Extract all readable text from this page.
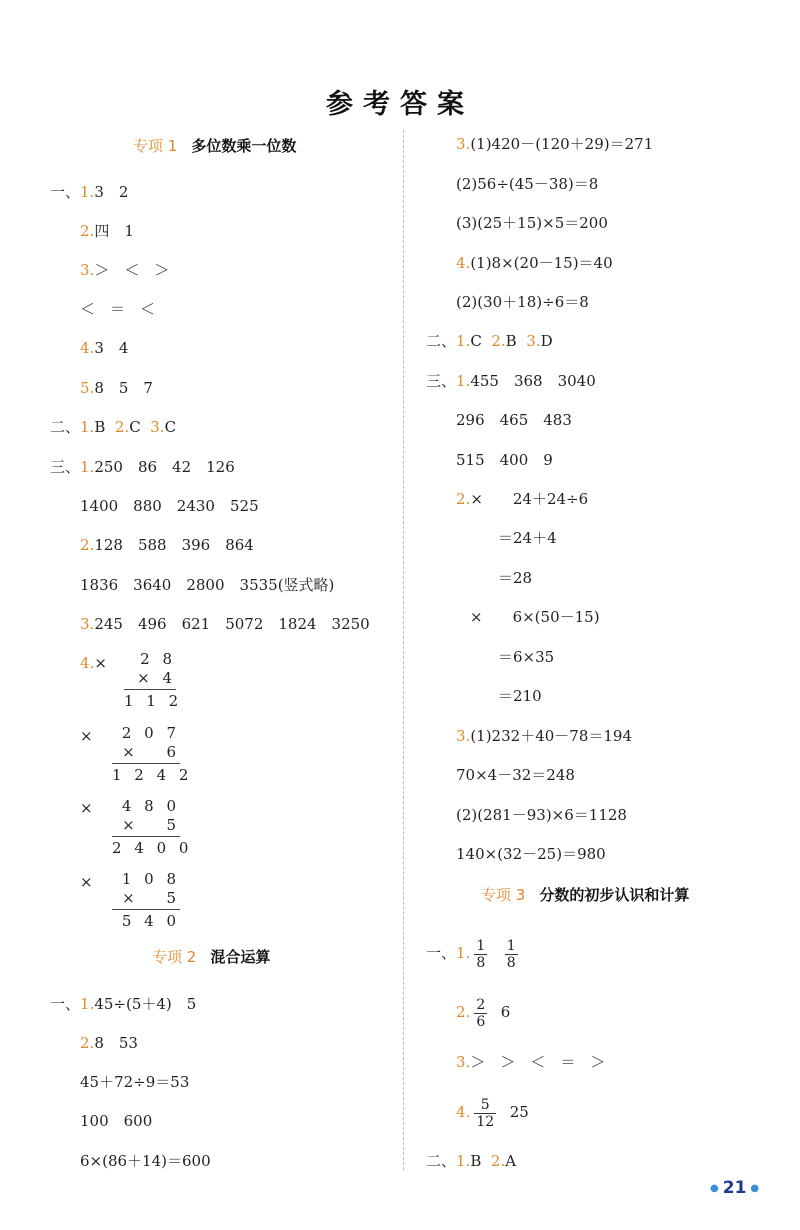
参考答案
专项 1 多位数乘一位数
一、1.3　2
2.四　1
3.＞　＜　＞
＜　＝　＜
4.3　4
5.8　5　7
二、1.B 2.C 3.C
三、1.250　86　42　126
1400　880　2430　525
2.128　588　396　864
1836　3640　2800　3535(竖式略)
3.245　496　621　5072　1824　3250
4.×	2 8
× 4
1 1 2
×	2 0 7
×　 6
1 2 4 2
×	4 8 0
× 　5
2 4 0 0
×	1 0 8
×　 5
5 4 0
专项 2 混合运算
一、1.45÷(5＋4)　5
2.8　53
45＋72÷9＝53
100　600
6×(86＋14)＝600
3.(1)420－(120＋29)＝271
(2)56÷(45－38)＝8
(3)(25＋15)×5＝200
4.(1)8×(20－15)＝40
(2)(30＋18)÷6＝8
二、1.C 2.B 3.D
三、1.455　368　3040
296　465　483
515　400　9
2.×　　24＋24÷6
＝24＋4
＝28
×　　6×(50－15)
＝6×35
＝210
3.(1)232＋40－78＝194
70×4－32＝248
(2)(281－93)×6＝1128
140×(32－25)＝980
专项 3 分数的初步认识和计算
一、1. $\frac{1}{8}$
$\frac{1}{8}$
2. $\frac{2}{6} 6$
3.＞　＞　＜　＝　＞
4. $\frac{5}{12} 25$
二、1.B 2.A
● 21 ●
